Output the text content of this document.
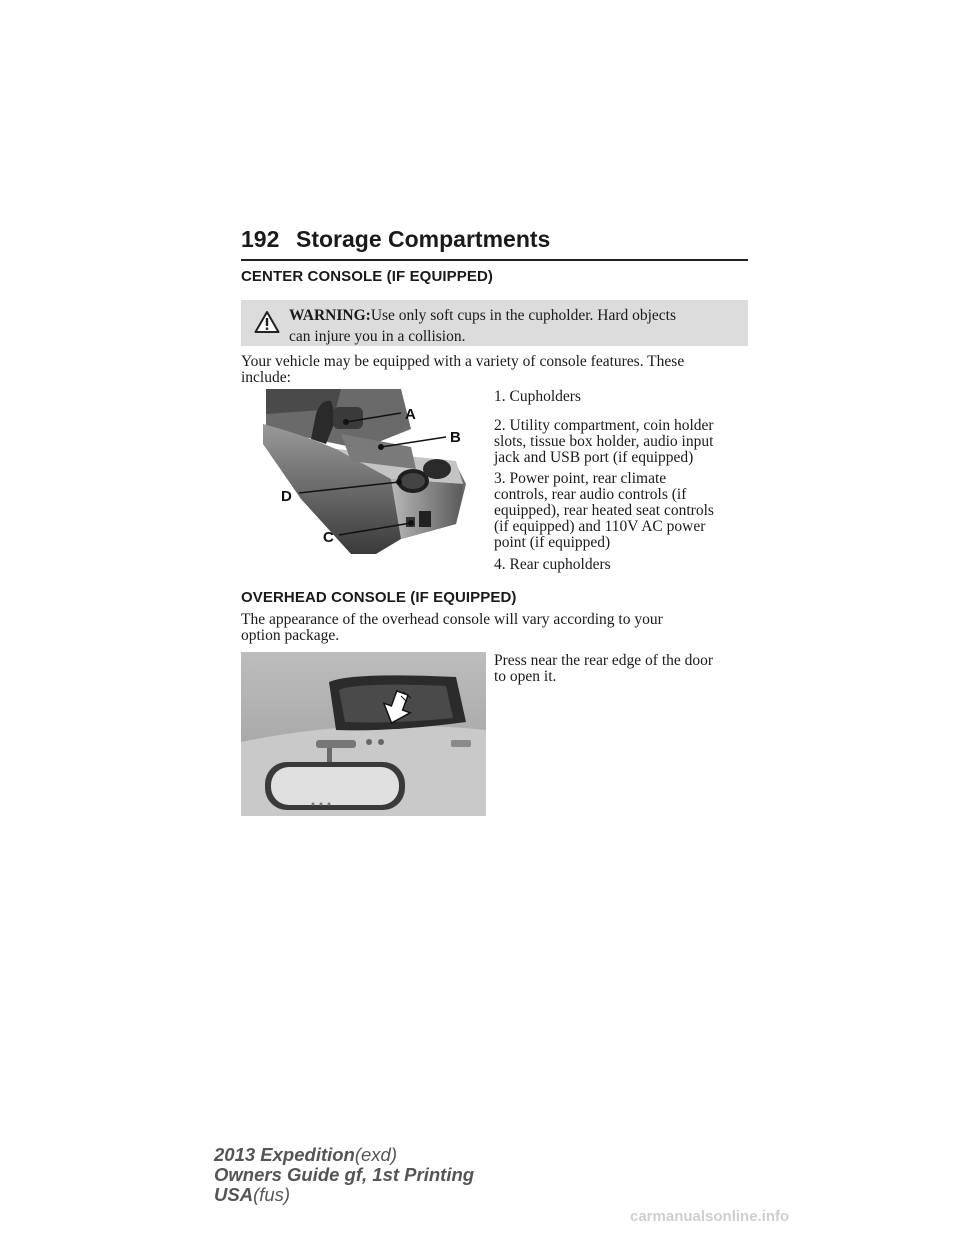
192 Storage Compartments
CENTER CONSOLE (IF EQUIPPED)
WARNING:Use only soft cups in the cupholder. Hard objects
can injure you in a collision.
Your vehicle may be equipped with a variety of console features. These
include:
A
B
D
C
1. Cupholders
2. Utility compartment, coin holder
slots, tissue box holder, audio input
jack and USB port (if equipped)
3. Power point, rear climate
controls, rear audio controls (if
equipped), rear heated seat controls
(if equipped) and 110V AC power
point (if equipped)
4. Rear cupholders
OVERHEAD CONSOLE (IF EQUIPPED)
The appearance of the overhead console will vary according to your
option package.
Press near the rear edge of the door
to open it.
2013 Expedition(exd)
Owners Guide gf, 1st Printing
USA(fus)
carmanualsonline.info
